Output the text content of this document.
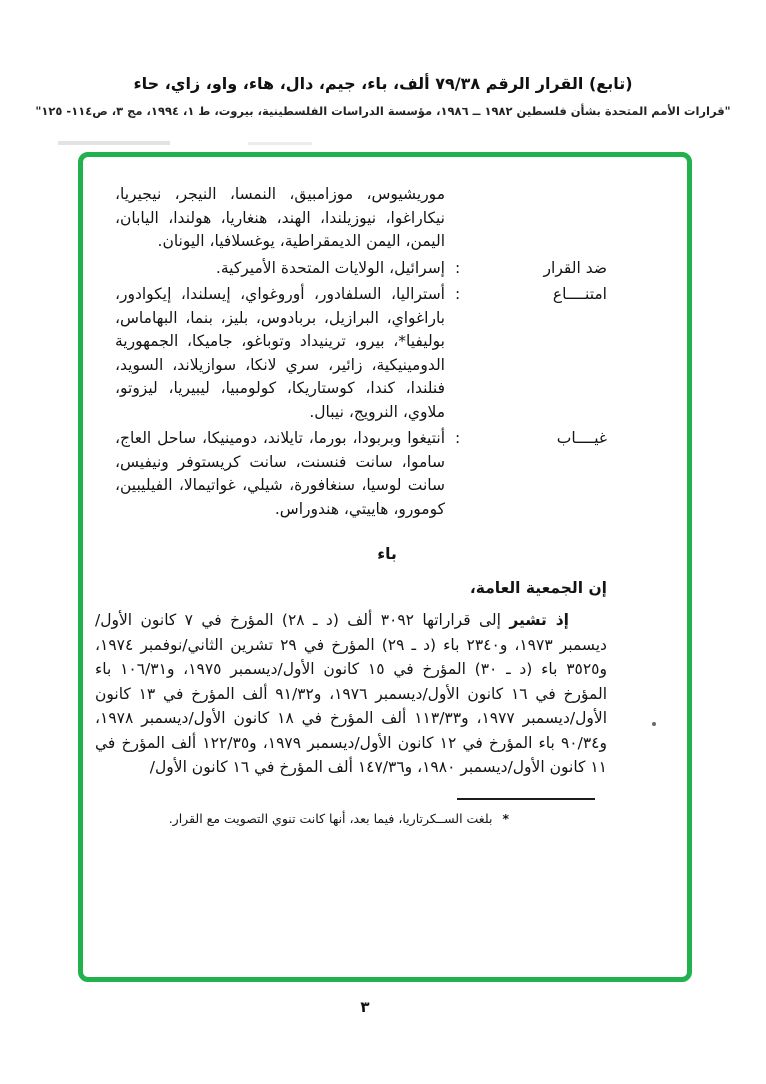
(تابع) القرار الرقم ٧٩/٣٨ ألف، باء، جيم، دال، هاء، واو، زاي، حاء
"قرارات الأمم المتحدة بشأن فلسطين ١٩٨٢ ــ ١٩٨٦، مؤسسة الدراسات الفلسطينية، بيروت، ط ١، ١٩٩٤، مج ٣، ص١١٤- ١٢٥"

موريشيوس، موزامبيق، النمسا، النيجر، نيجيريا، نيكاراغوا، نيوزيلندا، الهند، هنغاريا، هولندا، اليابان، اليمن، اليمن الديمقراطية، يوغسلافيا، اليونان.

ضد القرار
:
إسرائيل، الولايات المتحدة الأميركية.
امتنــــاع
:
أستراليا، السلفادور، أوروغواي، إيسلندا، إيكوادور، باراغواي، البرازيل، بربادوس، بليز، بنما، البهاماس، بوليفيا*، بيرو، ترينيداد وتوباغو، جاميكا، الجمهورية الدومينيكية، زائير، سري لانكا، سوازيلاند، السويد، فنلندا، كندا، كوستاريكا، كولومبيا، ليبيريا، ليزوتو، ملاوي، النرويج، نيبال.
غيــــاب
:
أنتيغوا وبربودا، بورما، تايلاند، دومينيكا، ساحل العاج، ساموا، سانت فنسنت، سانت كريستوفر ونيفيس، سانت لوسيا، سنغافورة، شيلي، غواتيمالا، الفيليبين، كومورو، هاييتي، هندوراس.
باء

إن الجمعية العامة،

إذ تشير إلى قراراتها ٣٠٩٢ ألف (د ـ ٢٨) المؤرخ في ٧ كانون الأول/ديسمبر ١٩٧٣، و٢٣٤٠ باء (د ـ ٢٩) المؤرخ في ٢٩ تشرين الثاني/نوفمبر ١٩٧٤، و٣٥٢٥ باء (د ـ ٣٠) المؤرخ في ١٥ كانون الأول/ديسمبر ١٩٧٥، و١٠٦/٣١ باء المؤرخ في ١٦ كانون الأول/ديسمبر ١٩٧٦، و٩١/٣٢ ألف المؤرخ في ١٣ كانون الأول/ديسمبر ١٩٧٧، و١١٣/٣٣ ألف المؤرخ في ١٨ كانون الأول/ديسمبر ١٩٧٨، و٩٠/٣٤ باء المؤرخ في ١٢ كانون الأول/ديسمبر ١٩٧٩، و١٢٢/٣٥ ألف المؤرخ في ١١ كانون الأول/ديسمبر ١٩٨٠، و١٤٧/٣٦ ألف المؤرخ في ١٦ كانون الأول/

*بلغت الســكرتاريا، فيما بعد، أنها كانت تنوي التصويت مع القرار.
٣
